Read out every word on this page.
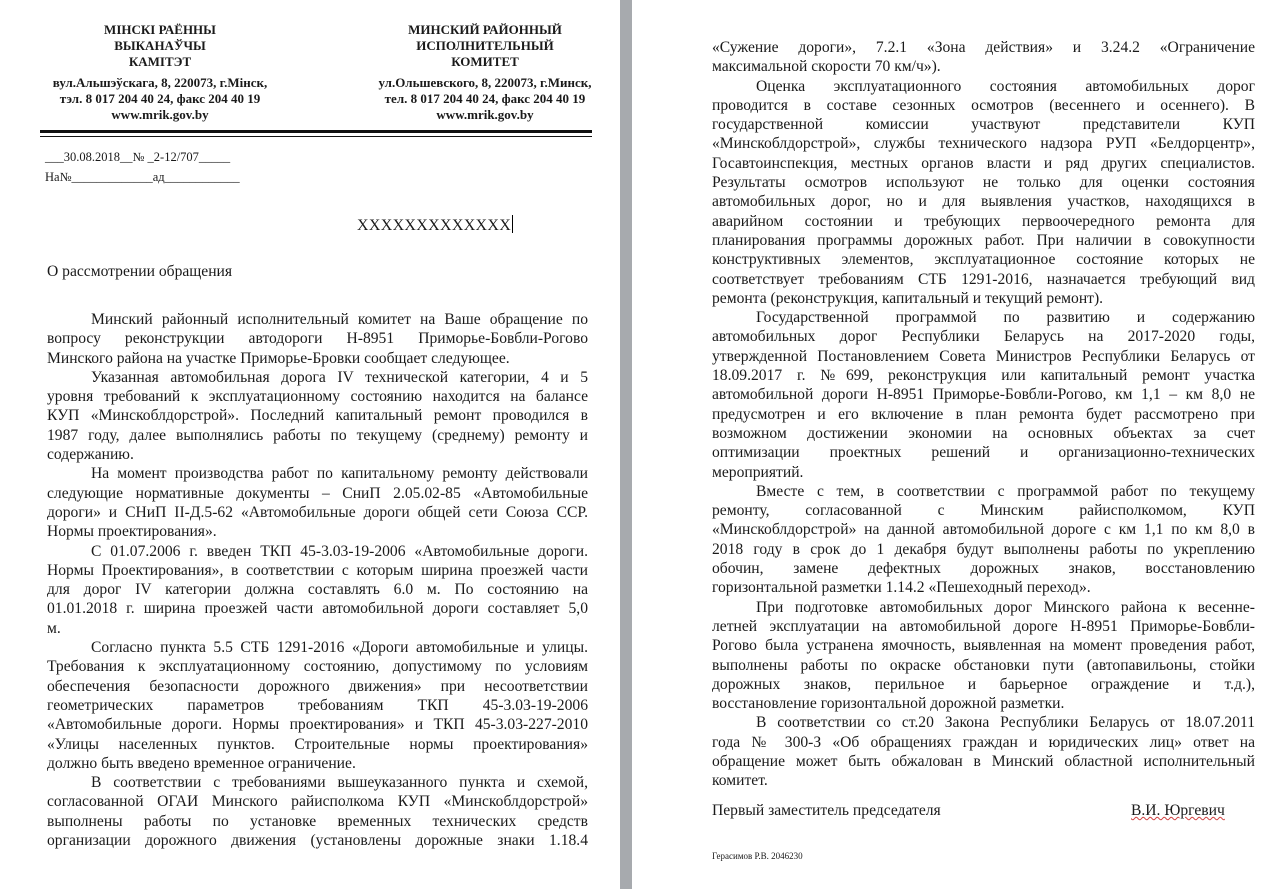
МІНСКІ РАЁННЫ
ВЫКАНАЎЧЫ
КАМІТЭТ
вул.Альшэўскага, 8, 220073, г.Мінск,
тэл. 8 017 204 40 24, факс 204 40 19
www.mrik.gov.by
МИНСКИЙ РАЙОННЫЙ
ИСПОЛНИТЕЛЬНЫЙ
КОМИТЕТ
ул.Ольшевского, 8, 220073, г.Минск,
тел. 8 017 204 40 24, факс 204 40 19
www.mrik.gov.by
___30.08.2018__№ _2-12/707_____
На№_____________ад____________
XXXXXXXXXXXXX
О рассмотрении обращения
Минский районный исполнительный комитет на Ваше обращение по
вопросу реконструкции автодороги Н-8951 Приморье-Бовбли-Рогово
Минского района на участке Приморье-Бровки сообщает следующее.
Указанная автомобильная дорога IV технической категории, 4 и 5
уровня требований к эксплуатационному состоянию находится на балансе
КУП «Минскоблдорстрой». Последний капитальный ремонт проводился в
1987 году, далее выполнялись работы по текущему (среднему) ремонту и
содержанию.
На момент производства работ по капитальному ремонту действовали
следующие нормативные документы – СниП 2.05.02-85 «Автомобильные
дороги» и СНиП II-Д.5-62 «Автомобильные дороги общей сети Союза ССР.
Нормы проектирования».
С 01.07.2006 г. введен ТКП 45-3.03-19-2006 «Автомобильные дороги.
Нормы Проектирования», в соответствии с которым ширина проезжей части
для дорог IV категории должна составлять 6.0 м. По состоянию на
01.01.2018 г. ширина проезжей части автомобильной дороги составляет 5,0
м.
Согласно пункта 5.5 СТБ 1291-2016 «Дороги автомобильные и улицы.
Требования к эксплуатационному состоянию, допустимому по условиям
обеспечения безопасности дорожного движения» при несоответствии
геометрических параметров требованиям ТКП 45-3.03-19-2006
«Автомобильные дороги. Нормы проектирования» и ТКП 45-3.03-227-2010
«Улицы населенных пунктов. Строительные нормы проектирования»
должно быть введено временное ограничение.
В соответствии с требованиями вышеуказанного пункта и схемой,
согласованной ОГАИ Минского райисполкома КУП «Минскоблдорстрой»
выполнены работы по установке временных технических средств
организации дорожного движения (установлены дорожные знаки 1.18.4
«Сужение дороги», 7.2.1 «Зона действия» и 3.24.2 «Ограничение
максимальной скорости 70 км/ч»).
Оценка эксплуатационного состояния автомобильных дорог
проводится в составе сезонных осмотров (весеннего и осеннего). В
государственной комиссии участвуют представители КУП
«Минскоблдорстрой», службы технического надзора РУП «Белдорцентр»,
Госавтоинспекция, местных органов власти и ряд других специалистов.
Результаты осмотров используют не только для оценки состояния
автомобильных дорог, но и для выявления участков, находящихся в
аварийном состоянии и требующих первоочередного ремонта для
планирования программы дорожных работ. При наличии в совокупности
конструктивных элементов, эксплуатационное состояние которых не
соответствует требованиям СТБ 1291-2016, назначается требующий вид
ремонта (реконструкция, капитальный и текущий ремонт).
Государственной программой по развитию и содержанию
автомобильных дорог Республики Беларусь на 2017-2020 годы,
утвержденной Постановлением Совета Министров Республики Беларусь от
18.09.2017 г. №699, реконструкция или капитальный ремонт участка
автомобильной дороги Н-8951 Приморье-Бовбли-Рогово, км 1,1 – км 8,0 не
предусмотрен и его включение в план ремонта будет рассмотрено при
возможном достижении экономии на основных объектах за счет
оптимизации проектных решений и организационно-технических
мероприятий.
Вместе с тем, в соответствии с программой работ по текущему
ремонту, согласованной с Минским райисполкомом, КУП
«Минскоблдорстрой» на данной автомобильной дороге с км 1,1 по км 8,0 в
2018 году в срок до 1 декабря будут выполнены работы по укреплению
обочин, замене дефектных дорожных знаков, восстановлению
горизонтальной разметки 1.14.2 «Пешеходный переход».
При подготовке автомобильных дорог Минского района к весенне-
летней эксплуатации на автомобильной дороге Н-8951 Приморье-Бовбли-
Рогово была устранена ямочность, выявленная на момент проведения работ,
выполнены работы по окраске обстановки пути (автопавильоны, стойки
дорожных знаков, перильное и барьерное ограждение и т.д.),
восстановление горизонтальной дорожной разметки.
В соответствии со ст.20 Закона Республики Беларусь от 18.07.2011
года № 300-З «Об обращениях граждан и юридических лиц» ответ на
обращение может быть обжалован в Минский областной исполнительный
комитет.
Первый заместитель председателя	В.И. Юргевич
Герасимов Р.В. 2046230
